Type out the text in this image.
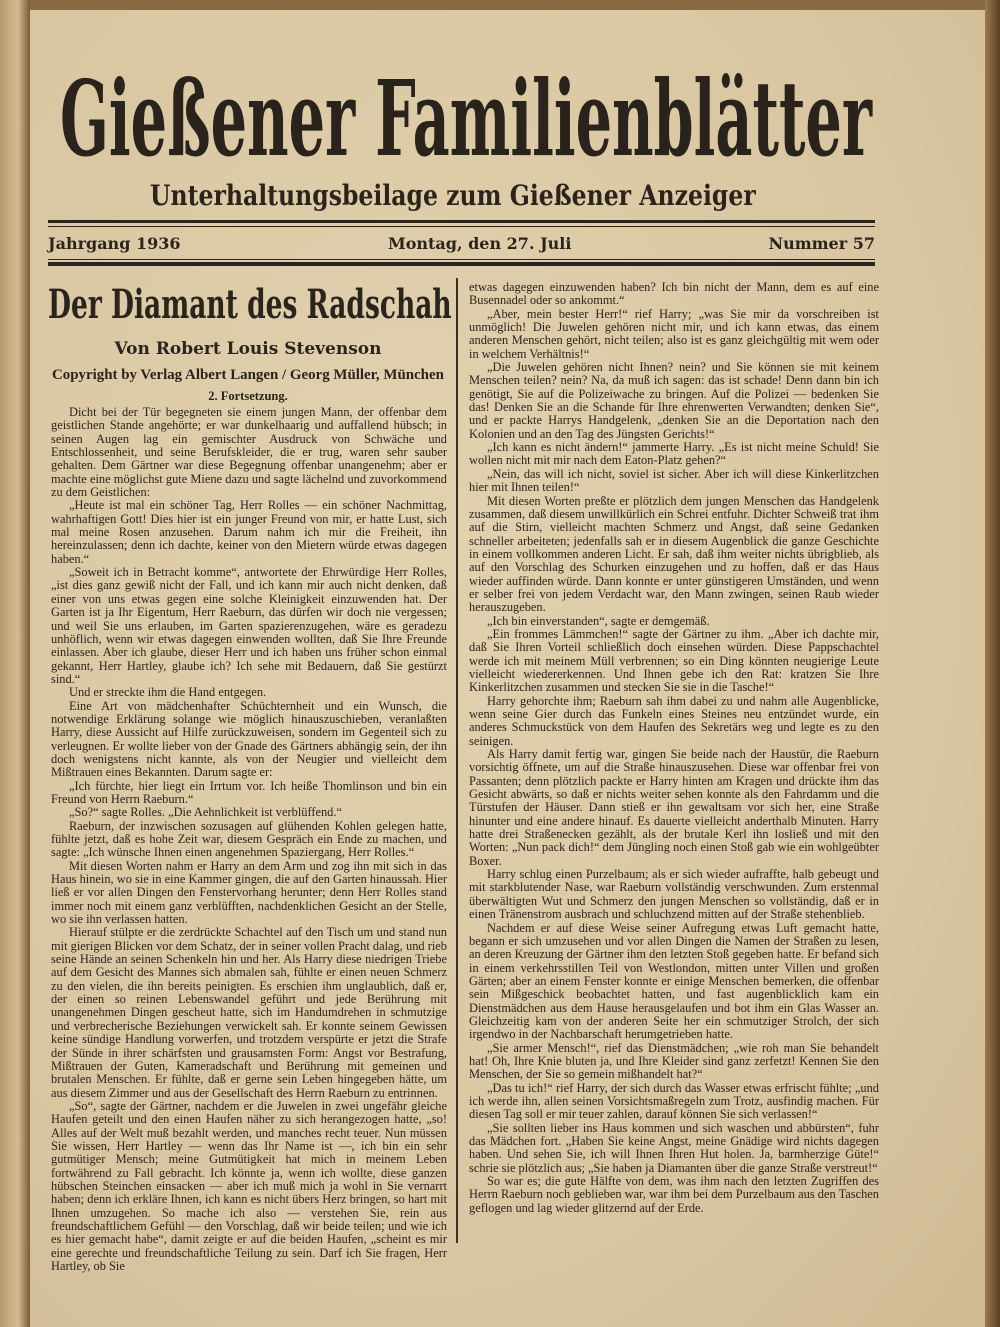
Gießener Familienblätter
Unterhaltungsbeilage zum Gießener Anzeiger
Jahrgang 1936	Montag, den 27. Juli	Nummer 57
Der Diamant des Radschah
Von Robert Louis Stevenson
Copyright by Verlag Albert Langen / Georg Müller, München
2. Fortsetzung.

Dicht bei der Tür begegneten sie einem jungen Mann, der offenbar dem geistlichen Stande angehörte; er war dunkelhaarig und auffallend hübsch; in seinen Augen lag ein gemischter Ausdruck von Schwäche und Entschlossenheit, und seine Berufskleider, die er trug, waren sehr sauber gehalten. Dem Gärtner war diese Begegnung offenbar unangenehm; aber er machte eine möglichst gute Miene dazu und sagte lächelnd und zuvorkommend zu dem Geistlichen:

„Heute ist mal ein schöner Tag, Herr Rolles — ein schöner Nachmittag, wahrhaftigen Gott! Dies hier ist ein junger Freund von mir, er hatte Lust, sich mal meine Rosen anzusehen. Darum nahm ich mir die Freiheit, ihn hereinzulassen; denn ich dachte, keiner von den Mietern würde etwas dagegen haben.“

„Soweit ich in Betracht komme“, antwortete der Ehrwürdige Herr Rolles, „ist dies ganz gewiß nicht der Fall, und ich kann mir auch nicht denken, daß einer von uns etwas gegen eine solche Kleinigkeit einzuwenden hat. Der Garten ist ja Ihr Eigentum, Herr Raeburn, das dürfen wir doch nie vergessen; und weil Sie uns erlauben, im Garten spazierenzugehen, wäre es geradezu unhöflich, wenn wir etwas dagegen einwenden wollten, daß Sie Ihre Freunde einlassen. Aber ich glaube, dieser Herr und ich haben uns früher schon einmal gekannt, Herr Hartley, glaube ich? Ich sehe mit Bedauern, daß Sie gestürzt sind.“

Und er streckte ihm die Hand entgegen.

Eine Art von mädchenhafter Schüchternheit und ein Wunsch, die notwendige Erklärung solange wie möglich hinauszuschieben, veranlaßten Harry, diese Aussicht auf Hilfe zurückzuweisen, sondern im Gegenteil sich zu verleugnen. Er wollte lieber von der Gnade des Gärtners abhängig sein, der ihn doch wenigstens nicht kannte, als von der Neugier und vielleicht dem Mißtrauen eines Bekannten. Darum sagte er:

„Ich fürchte, hier liegt ein Irrtum vor. Ich heiße Thomlinson und bin ein Freund von Herrn Raeburn.“

„So?“ sagte Rolles. „Die Aehnlichkeit ist verblüffend.“

Raeburn, der inzwischen sozusagen auf glühenden Kohlen gelegen hatte, fühlte jetzt, daß es hohe Zeit war, diesem Gespräch ein Ende zu machen, und sagte: „Ich wünsche Ihnen einen angenehmen Spaziergang, Herr Rolles.“

Mit diesen Worten nahm er Harry an dem Arm und zog ihn mit sich in das Haus hinein, wo sie in eine Kammer gingen, die auf den Garten hinaussah. Hier ließ er vor allen Dingen den Fenstervorhang herunter; denn Herr Rolles stand immer noch mit einem ganz verblüfften, nachdenklichen Gesicht an der Stelle, wo sie ihn verlassen hatten.

Hierauf stülpte er die zerdrückte Schachtel auf den Tisch um und stand nun mit gierigen Blicken vor dem Schatz, der in seiner vollen Pracht dalag, und rieb seine Hände an seinen Schenkeln hin und her. Als Harry diese niedrigen Triebe auf dem Gesicht des Mannes sich abmalen sah, fühlte er einen neuen Schmerz zu den vielen, die ihn bereits peinigten. Es erschien ihm unglaublich, daß er, der einen so reinen Lebenswandel geführt und jede Berührung mit unangenehmen Dingen gescheut hatte, sich im Handumdrehen in schmutzige und verbrecherische Beziehungen verwickelt sah. Er konnte seinem Gewissen keine sündige Handlung vorwerfen, und trotzdem verspürte er jetzt die Strafe der Sünde in ihrer schärfsten und grausamsten Form: Angst vor Bestrafung, Mißtrauen der Guten, Kameradschaft und Berührung mit gemeinen und brutalen Menschen. Er fühlte, daß er gerne sein Leben hingegeben hätte, um aus diesem Zimmer und aus der Gesellschaft des Herrn Raeburn zu entrinnen.

„So“, sagte der Gärtner, nachdem er die Juwelen in zwei ungefähr gleiche Haufen geteilt und den einen Haufen näher zu sich herangezogen hatte, „so! Alles auf der Welt muß bezahlt werden, und manches recht teuer. Nun müssen Sie wissen, Herr Hartley — wenn das Ihr Name ist —, ich bin ein sehr gutmütiger Mensch; meine Gutmütigkeit hat mich in meinem Leben fortwährend zu Fall gebracht. Ich könnte ja, wenn ich wollte, diese ganzen hübschen Steinchen einsacken — aber ich muß mich ja wohl in Sie vernarrt haben; denn ich erkläre Ihnen, ich kann es nicht übers Herz bringen, so hart mit Ihnen umzugehen. So mache ich also — verstehen Sie, rein aus freundschaftlichem Gefühl — den Vorschlag, daß wir beide teilen; und wie ich es hier gemacht habe“, damit zeigte er auf die beiden Haufen, „scheint es mir eine gerechte und freundschaftliche Teilung zu sein. Darf ich Sie fragen, Herr Hartley, ob Sie

etwas dagegen einzuwenden haben? Ich bin nicht der Mann, dem es auf eine Busennadel oder so ankommt.“

„Aber, mein bester Herr!“ rief Harry; „was Sie mir da vorschreiben ist unmöglich! Die Juwelen gehören nicht mir, und ich kann etwas, das einem anderen Menschen gehört, nicht teilen; also ist es ganz gleichgültig mit wem oder in welchem Verhältnis!“

„Die Juwelen gehören nicht Ihnen? nein? und Sie können sie mit keinem Menschen teilen? nein? Na, da muß ich sagen: das ist schade! Denn dann bin ich genötigt, Sie auf die Polizeiwache zu bringen. Auf die Polizei — bedenken Sie das! Denken Sie an die Schande für Ihre ehrenwerten Verwandten; denken Sie“, und er packte Harrys Handgelenk, „denken Sie an die Deportation nach den Kolonien und an den Tag des Jüngsten Gerichts!“

„Ich kann es nicht ändern!“ jammerte Harry. „Es ist nicht meine Schuld! Sie wollen nicht mit mir nach dem Eaton-Platz gehen?“

„Nein, das will ich nicht, soviel ist sicher. Aber ich will diese Kinkerlitzchen hier mit Ihnen teilen!“

Mit diesen Worten preßte er plötzlich dem jungen Menschen das Handgelenk zusammen, daß diesem unwillkürlich ein Schrei entfuhr. Dichter Schweiß trat ihm auf die Stirn, vielleicht machten Schmerz und Angst, daß seine Gedanken schneller arbeiteten; jedenfalls sah er in diesem Augenblick die ganze Geschichte in einem vollkommen anderen Licht. Er sah, daß ihm weiter nichts übrigblieb, als auf den Vorschlag des Schurken einzugehen und zu hoffen, daß er das Haus wieder auffinden würde. Dann konnte er unter günstigeren Umständen, und wenn er selber frei von jedem Verdacht war, den Mann zwingen, seinen Raub wieder herauszugeben.

„Ich bin einverstanden“, sagte er demgemäß.

„Ein frommes Lämmchen!“ sagte der Gärtner zu ihm. „Aber ich dachte mir, daß Sie Ihren Vorteil schließlich doch einsehen würden. Diese Pappschachtel werde ich mit meinem Müll verbrennen; so ein Ding könnten neugierige Leute vielleicht wiedererkennen. Und Ihnen gebe ich den Rat: kratzen Sie Ihre Kinkerlitzchen zusammen und stecken Sie sie in die Tasche!“

Harry gehorchte ihm; Raeburn sah ihm dabei zu und nahm alle Augenblicke, wenn seine Gier durch das Funkeln eines Steines neu entzündet wurde, ein anderes Schmuckstück von dem Haufen des Sekretärs weg und legte es zu den seinigen.

Als Harry damit fertig war, gingen Sie beide nach der Haustür, die Raeburn vorsichtig öffnete, um auf die Straße hinauszusehen. Diese war offenbar frei von Passanten; denn plötzlich packte er Harry hinten am Kragen und drückte ihm das Gesicht abwärts, so daß er nichts weiter sehen konnte als den Fahrdamm und die Türstufen der Häuser. Dann stieß er ihn gewaltsam vor sich her, eine Straße hinunter und eine andere hinauf. Es dauerte vielleicht anderthalb Minuten. Harry hatte drei Straßenecken gezählt, als der brutale Kerl ihn losließ und mit den Worten: „Nun pack dich!“ dem Jüngling noch einen Stoß gab wie ein wohlgeübter Boxer.

Harry schlug einen Purzelbaum; als er sich wieder aufraffte, halb gebeugt und mit starkblutender Nase, war Raeburn vollständig verschwunden. Zum erstenmal überwältigten Wut und Schmerz den jungen Menschen so vollständig, daß er in einen Tränenstrom ausbrach und schluchzend mitten auf der Straße stehenblieb.

Nachdem er auf diese Weise seiner Aufregung etwas Luft gemacht hatte, begann er sich umzusehen und vor allen Dingen die Namen der Straßen zu lesen, an deren Kreuzung der Gärtner ihm den letzten Stoß gegeben hatte. Er befand sich in einem verkehrsstillen Teil von Westlondon, mitten unter Villen und großen Gärten; aber an einem Fenster konnte er einige Menschen bemerken, die offenbar sein Mißgeschick beobachtet hatten, und fast augenblicklich kam ein Dienstmädchen aus dem Hause herausgelaufen und bot ihm ein Glas Wasser an. Gleichzeitig kam von der anderen Seite her ein schmutziger Strolch, der sich irgendwo in der Nachbarschaft herumgetrieben hatte.

„Sie armer Mensch!“, rief das Dienstmädchen; „wie roh man Sie behandelt hat! Oh, Ihre Knie bluten ja, und Ihre Kleider sind ganz zerfetzt! Kennen Sie den Menschen, der Sie so gemein mißhandelt hat?“

„Das tu ich!“ rief Harry, der sich durch das Wasser etwas erfrischt fühlte; „und ich werde ihn, allen seinen Vorsichtsmaßregeln zum Trotz, ausfindig machen. Für diesen Tag soll er mir teuer zahlen, darauf können Sie sich verlassen!“

„Sie sollten lieber ins Haus kommen und sich waschen und abbürsten“, fuhr das Mädchen fort. „Haben Sie keine Angst, meine Gnädige wird nichts dagegen haben. Und sehen Sie, ich will Ihnen Ihren Hut holen. Ja, barmherzige Güte!“ schrie sie plötzlich aus; „Sie haben ja Diamanten über die ganze Straße verstreut!“

So war es; die gute Hälfte von dem, was ihm nach den letzten Zugriffen des Herrn Raeburn noch geblieben war, war ihm bei dem Purzelbaum aus den Taschen geflogen und lag wieder glitzernd auf der Erde.
